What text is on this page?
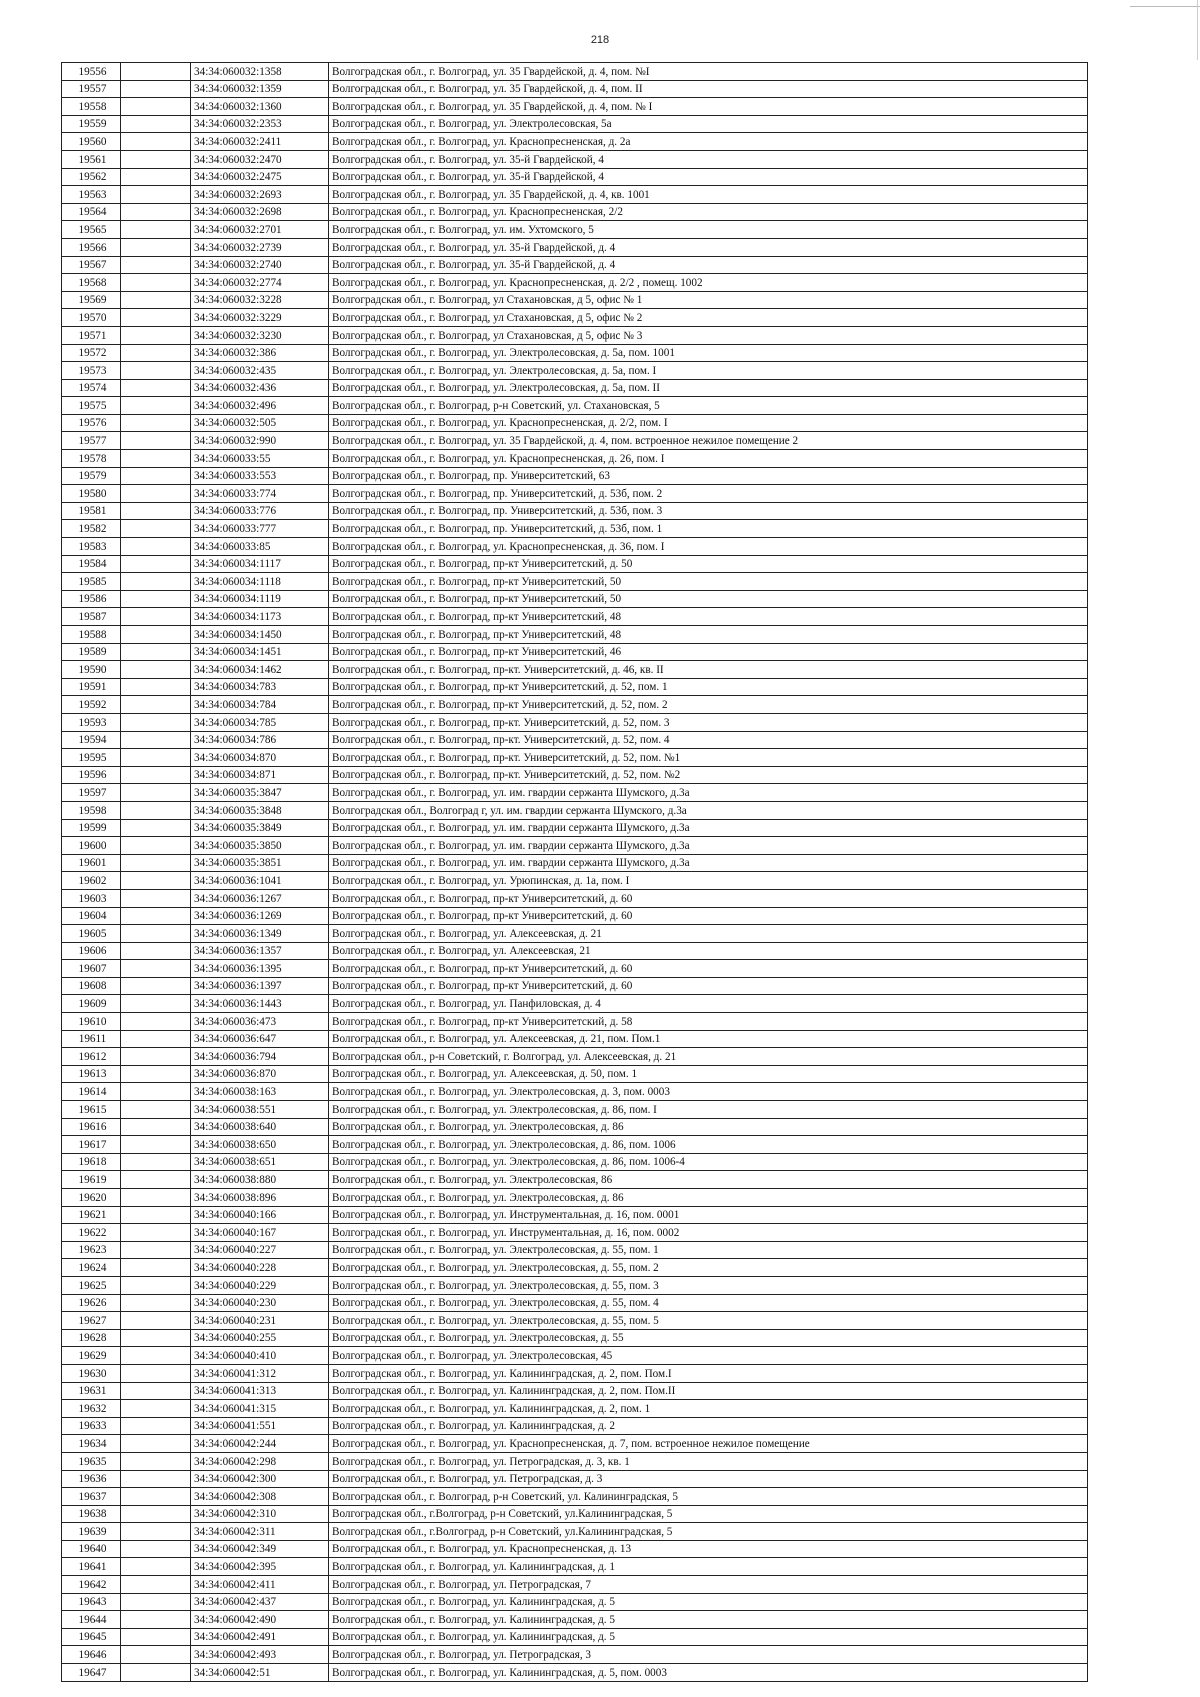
218
19556		34:34:060032:1358	Волгоградская обл., г. Волгоград, ул. 35 Гвардейской, д. 4, пом. №I
19557		34:34:060032:1359	Волгоградская обл., г. Волгоград, ул. 35 Гвардейской, д. 4, пом. II
19558		34:34:060032:1360	Волгоградская обл., г. Волгоград, ул. 35 Гвардейской, д. 4, пом. № I
19559		34:34:060032:2353	Волгоградская обл., г. Волгоград, ул. Электролесовская, 5а
19560		34:34:060032:2411	Волгоградская обл., г. Волгоград, ул. Краснопресненская, д. 2а
19561		34:34:060032:2470	Волгоградская обл., г. Волгоград, ул. 35-й Гвардейской, 4
19562		34:34:060032:2475	Волгоградская обл., г. Волгоград, ул. 35-й Гвардейской, 4
19563		34:34:060032:2693	Волгоградская обл., г. Волгоград, ул. 35 Гвардейской, д. 4, кв. 1001
19564		34:34:060032:2698	Волгоградская обл., г. Волгоград, ул. Краснопресненская, 2/2
19565		34:34:060032:2701	Волгоградская обл., г. Волгоград, ул. им. Ухтомского, 5
19566		34:34:060032:2739	Волгоградская обл., г. Волгоград, ул. 35-й Гвардейской, д. 4
19567		34:34:060032:2740	Волгоградская обл., г. Волгоград, ул. 35-й Гвардейской, д. 4
19568		34:34:060032:2774	Волгоградская обл., г. Волгоград, ул. Краснопресненская, д. 2/2 , помещ. 1002
19569		34:34:060032:3228	Волгоградская обл., г. Волгоград, ул Стахановская, д 5, офис № 1
19570		34:34:060032:3229	Волгоградская обл., г. Волгоград, ул Стахановская, д 5, офис № 2
19571		34:34:060032:3230	Волгоградская обл., г. Волгоград, ул Стахановская, д 5, офис № 3
19572		34:34:060032:386	Волгоградская обл., г. Волгоград, ул. Электролесовская, д. 5а, пом. 1001
19573		34:34:060032:435	Волгоградская обл., г. Волгоград, ул. Электролесовская, д. 5а, пом. I
19574		34:34:060032:436	Волгоградская обл., г. Волгоград, ул. Электролесовская, д. 5а, пом. II
19575		34:34:060032:496	Волгоградская обл., г. Волгоград, р-н Советский, ул. Стахановская, 5
19576		34:34:060032:505	Волгоградская обл., г. Волгоград, ул. Краснопресненская, д. 2/2, пом. I
19577		34:34:060032:990	Волгоградская обл., г. Волгоград, ул. 35 Гвардейской, д. 4, пом. встроенное нежилое помещение 2
19578		34:34:060033:55	Волгоградская обл., г. Волгоград, ул. Краснопресненская, д. 26, пом. I
19579		34:34:060033:553	Волгоградская обл., г. Волгоград, пр. Университетский, 63
19580		34:34:060033:774	Волгоградская обл., г. Волгоград, пр. Университетский, д. 53б, пом. 2
19581		34:34:060033:776	Волгоградская обл., г. Волгоград, пр. Университетский, д. 53б, пом. 3
19582		34:34:060033:777	Волгоградская обл., г. Волгоград, пр. Университетский, д. 53б, пом. 1
19583		34:34:060033:85	Волгоградская обл., г. Волгоград, ул. Краснопресненская, д. 36, пом. I
19584		34:34:060034:1117	Волгоградская обл., г. Волгоград, пр-кт Университетский, д. 50
19585		34:34:060034:1118	Волгоградская обл., г. Волгоград, пр-кт Университетский, 50
19586		34:34:060034:1119	Волгоградская обл., г. Волгоград, пр-кт Университетский, 50
19587		34:34:060034:1173	Волгоградская обл., г. Волгоград, пр-кт Университетский, 48
19588		34:34:060034:1450	Волгоградская обл., г. Волгоград, пр-кт Университетский, 48
19589		34:34:060034:1451	Волгоградская обл., г. Волгоград, пр-кт Университетский, 46
19590		34:34:060034:1462	Волгоградская обл., г. Волгоград, пр-кт. Университетский, д. 46, кв. II
19591		34:34:060034:783	Волгоградская обл., г. Волгоград, пр-кт Университетский, д. 52, пом. 1
19592		34:34:060034:784	Волгоградская обл., г. Волгоград, пр-кт Университетский, д. 52, пом. 2
19593		34:34:060034:785	Волгоградская обл., г. Волгоград, пр-кт. Университетский, д. 52, пом. 3
19594		34:34:060034:786	Волгоградская обл., г. Волгоград, пр-кт. Университетский, д. 52, пом. 4
19595		34:34:060034:870	Волгоградская обл., г. Волгоград, пр-кт. Университетский, д. 52, пом. №1
19596		34:34:060034:871	Волгоградская обл., г. Волгоград, пр-кт. Университетский, д. 52, пом. №2
19597		34:34:060035:3847	Волгоградская обл., г. Волгоград, ул. им. гвардии сержанта Шумского, д.3а
19598		34:34:060035:3848	Волгоградская обл., Волгоград г, ул. им. гвардии сержанта Шумского, д.3а
19599		34:34:060035:3849	Волгоградская обл., г. Волгоград, ул. им. гвардии сержанта Шумского, д.3а
19600		34:34:060035:3850	Волгоградская обл., г. Волгоград, ул. им. гвардии сержанта Шумского, д.3а
19601		34:34:060035:3851	Волгоградская обл., г. Волгоград, ул. им. гвардии сержанта Шумского, д.3а
19602		34:34:060036:1041	Волгоградская обл., г. Волгоград, ул. Урюпинская, д. 1а, пом. I
19603		34:34:060036:1267	Волгоградская обл., г. Волгоград, пр-кт Университетский, д. 60
19604		34:34:060036:1269	Волгоградская обл., г. Волгоград, пр-кт Университетский, д. 60
19605		34:34:060036:1349	Волгоградская обл., г. Волгоград, ул. Алексеевская, д. 21
19606		34:34:060036:1357	Волгоградская обл., г. Волгоград, ул. Алексеевская, 21
19607		34:34:060036:1395	Волгоградская обл., г. Волгоград, пр-кт Университетский, д. 60
19608		34:34:060036:1397	Волгоградская обл., г. Волгоград, пр-кт Университетский, д. 60
19609		34:34:060036:1443	Волгоградская обл., г. Волгоград, ул. Панфиловская, д. 4
19610		34:34:060036:473	Волгоградская обл., г. Волгоград, пр-кт Университетский, д. 58
19611		34:34:060036:647	Волгоградская обл., г. Волгоград, ул. Алексеевская, д. 21, пом. Пом.1
19612		34:34:060036:794	Волгоградская обл., р-н Советский, г. Волгоград, ул. Алексеевская, д. 21
19613		34:34:060036:870	Волгоградская обл., г. Волгоград, ул. Алексеевская, д. 50, пом. 1
19614		34:34:060038:163	Волгоградская обл., г. Волгоград, ул. Электролесовская, д. 3, пом. 0003
19615		34:34:060038:551	Волгоградская обл., г. Волгоград, ул. Электролесовская, д. 86, пом. I
19616		34:34:060038:640	Волгоградская обл., г. Волгоград, ул. Электролесовская, д. 86
19617		34:34:060038:650	Волгоградская обл., г. Волгоград, ул. Электролесовская, д. 86, пом. 1006
19618		34:34:060038:651	Волгоградская обл., г. Волгоград, ул. Электролесовская, д. 86, пом. 1006-4
19619		34:34:060038:880	Волгоградская обл., г. Волгоград, ул. Электролесовская, 86
19620		34:34:060038:896	Волгоградская обл., г. Волгоград, ул. Электролесовская, д. 86
19621		34:34:060040:166	Волгоградская обл., г. Волгоград, ул. Инструментальная, д. 16, пом. 0001
19622		34:34:060040:167	Волгоградская обл., г. Волгоград, ул. Инструментальная, д. 16, пом. 0002
19623		34:34:060040:227	Волгоградская обл., г. Волгоград, ул. Электролесовская, д. 55, пом. 1
19624		34:34:060040:228	Волгоградская обл., г. Волгоград, ул. Электролесовская, д. 55, пом. 2
19625		34:34:060040:229	Волгоградская обл., г. Волгоград, ул. Электролесовская, д. 55, пом. 3
19626		34:34:060040:230	Волгоградская обл., г. Волгоград, ул. Электролесовская, д. 55, пом. 4
19627		34:34:060040:231	Волгоградская обл., г. Волгоград, ул. Электролесовская, д. 55, пом. 5
19628		34:34:060040:255	Волгоградская обл., г. Волгоград, ул. Электролесовская, д. 55
19629		34:34:060040:410	Волгоградская обл., г. Волгоград, ул. Электролесовская, 45
19630		34:34:060041:312	Волгоградская обл., г. Волгоград, ул. Калининградская, д. 2, пом. Пом.I
19631		34:34:060041:313	Волгоградская обл., г. Волгоград, ул. Калининградская, д. 2, пом. Пом.II
19632		34:34:060041:315	Волгоградская обл., г. Волгоград, ул. Калининградская, д. 2, пом. 1
19633		34:34:060041:551	Волгоградская обл., г. Волгоград, ул. Калининградская, д. 2
19634		34:34:060042:244	Волгоградская обл., г. Волгоград, ул. Краснопресненская, д. 7, пом. встроенное нежилое помещение
19635		34:34:060042:298	Волгоградская обл., г. Волгоград, ул. Петроградская, д. 3, кв. 1
19636		34:34:060042:300	Волгоградская обл., г. Волгоград, ул. Петроградская, д. 3
19637		34:34:060042:308	Волгоградская обл., г. Волгоград, р-н Советский, ул. Калининградская, 5
19638		34:34:060042:310	Волгоградская обл., г.Волгоград, р-н Советский, ул.Калининградская, 5
19639		34:34:060042:311	Волгоградская обл., г.Волгоград, р-н Советский, ул.Калининградская, 5
19640		34:34:060042:349	Волгоградская обл., г. Волгоград, ул. Краснопресненская, д. 13
19641		34:34:060042:395	Волгоградская обл., г. Волгоград, ул. Калининградская, д. 1
19642		34:34:060042:411	Волгоградская обл., г. Волгоград, ул. Петроградская, 7
19643		34:34:060042:437	Волгоградская обл., г. Волгоград, ул. Калининградская, д. 5
19644		34:34:060042:490	Волгоградская обл., г. Волгоград, ул. Калининградская, д. 5
19645		34:34:060042:491	Волгоградская обл., г. Волгоград, ул. Калининградская, д. 5
19646		34:34:060042:493	Волгоградская обл., г. Волгоград, ул. Петроградская, 3
19647		34:34:060042:51	Волгоградская обл., г. Волгоград, ул. Калининградская, д. 5, пом. 0003
